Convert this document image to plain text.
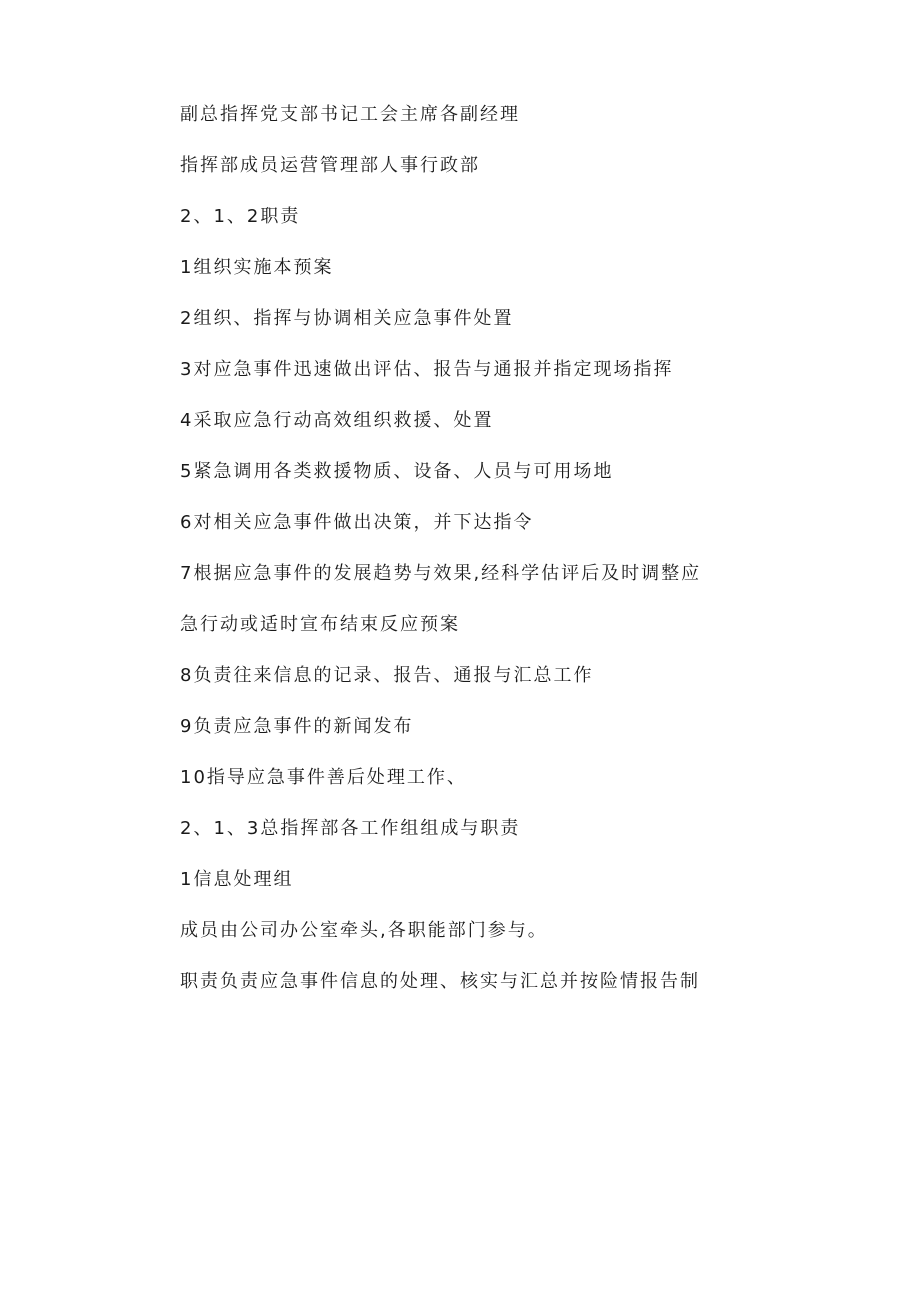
副总指挥党支部书记工会主席各副经理
指挥部成员运营管理部人事行政部
2、1、2职责
1组织实施本预案
2组织、指挥与协调相关应急事件处置
3对应急事件迅速做出评估、报告与通报并指定现场指挥
4采取应急行动高效组织救援、处置
5紧急调用各类救援物质、设备、人员与可用场地
6对相关应急事件做出决策，并下达指令
7根据应急事件的发展趋势与效果,经科学估评后及时调整应
急行动或适时宣布结束反应预案
8负责往来信息的记录、报告、通报与汇总工作
9负责应急事件的新闻发布
10指导应急事件善后处理工作、
2、1、3总指挥部各工作组组成与职责
1信息处理组
成员由公司办公室牵头,各职能部门参与。
职责负责应急事件信息的处理、核实与汇总并按险情报告制
